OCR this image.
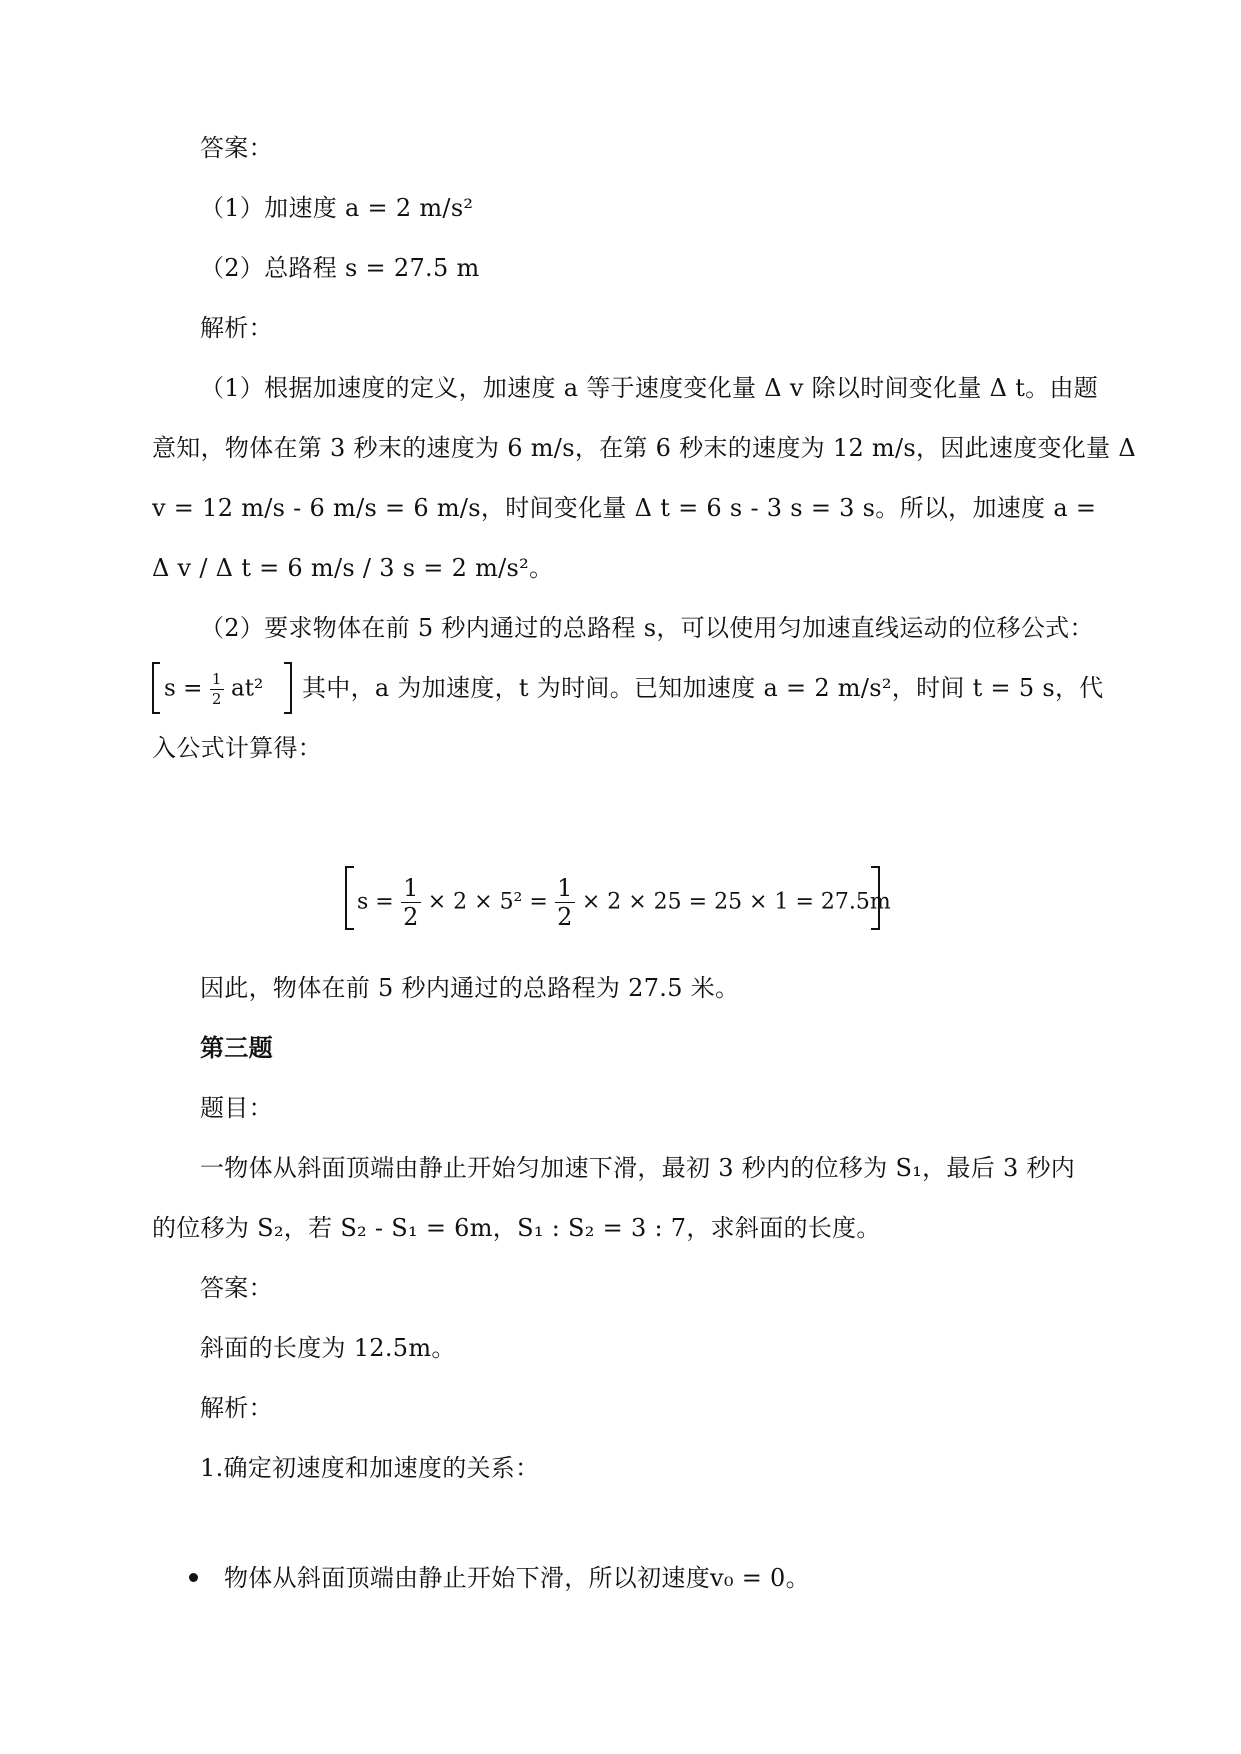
答案：
（1）加速度 a = 2 m/s²
（2）总路程 s = 27.5 m
解析：
（1）根据加速度的定义，加速度 a 等于速度变化量 Δ v 除以时间变化量 Δ t。由题
意知，物体在第 3 秒末的速度为 6 m/s，在第 6 秒末的速度为 12 m/s，因此速度变化量 Δ
v = 12 m/s - 6 m/s = 6 m/s，时间变化量 Δ t = 6 s - 3 s = 3 s。所以，加速度 a =
Δ v / Δ t = 6 m/s / 3 s = 2 m/s²。
（2）要求物体在前 5 秒内通过的总路程 s，可以使用匀加速直线运动的位移公式：
$s = \frac{1}{2} at^2$ 其中，a 为加速度，t 为时间。已知加速度 a = 2 m/s²，时间 t = 5 s，代
入公式计算得：
$s = \frac{1}{2} \times 2 \times 5^2 = \frac{1}{2} \times 2 \times 25 = 25 \times 1 = 27.5m$
因此，物体在前 5 秒内通过的总路程为 27.5 米。
第三题
题目：
一物体从斜面顶端由静止开始匀加速下滑，最初 3 秒内的位移为 S₁，最后 3 秒内
的位移为 S₂，若 S₂ - S₁ = 6m，S₁ : S₂ = 3 : 7，求斜面的长度。
答案：
斜面的长度为 12.5m。
解析：
1.确定初速度和加速度的关系：
物体从斜面顶端由静止开始下滑，所以初速度v₀ = 0。
